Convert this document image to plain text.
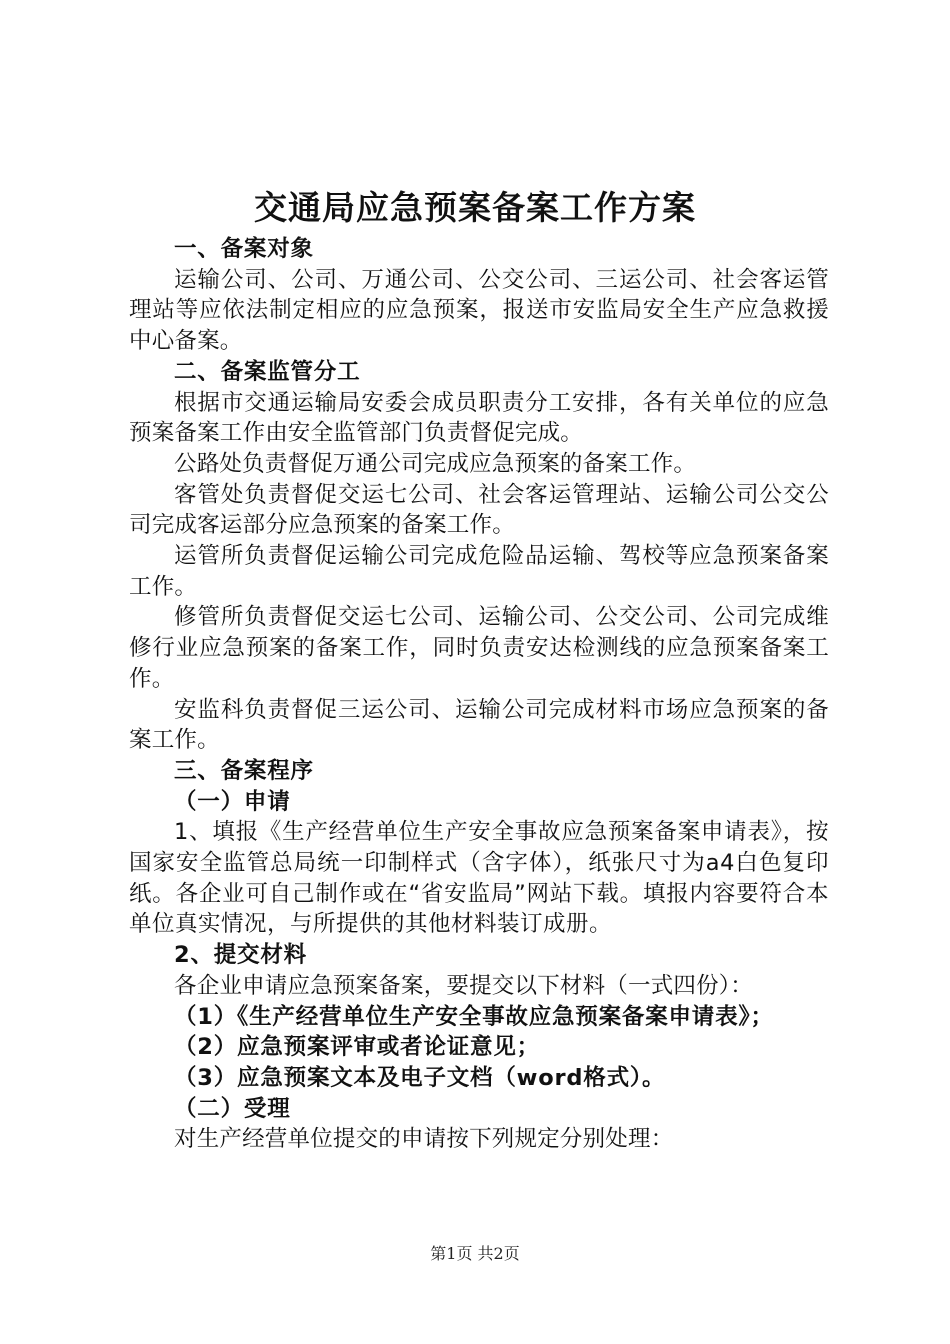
交通局应急预案备案工作方案

一、备案对象

运输公司、公司、万通公司、公交公司、三运公司、社会客运管理站等应依法制定相应的应急预案，报送市安监局安全生产应急救援中心备案。

二、备案监管分工

根据市交通运输局安委会成员职责分工安排，各有关单位的应急预案备案工作由安全监管部门负责督促完成。

公路处负责督促万通公司完成应急预案的备案工作。

客管处负责督促交运七公司、社会客运管理站、运输公司公交公司完成客运部分应急预案的备案工作。

运管所负责督促运输公司完成危险品运输、驾校等应急预案备案工作。

修管所负责督促交运七公司、运输公司、公交公司、公司完成维修行业应急预案的备案工作，同时负责安达检测线的应急预案备案工作。

安监科负责督促三运公司、运输公司完成材料市场应急预案的备案工作。

三、备案程序

（一）申请

1、填报《生产经营单位生产安全事故应急预案备案申请表》，按国家安全监管总局统一印制样式（含字体），纸张尺寸为a4白色复印纸。各企业可自己制作或在“省安监局”网站下载。填报内容要符合本单位真实情况，与所提供的其他材料装订成册。

2、提交材料

各企业申请应急预案备案，要提交以下材料（一式四份）：

（1）《生产经营单位生产安全事故应急预案备案申请表》；

（2）应急预案评审或者论证意见；

（3）应急预案文本及电子文档（word格式）。

（二）受理

对生产经营单位提交的申请按下列规定分别处理：

第1页 共2页
